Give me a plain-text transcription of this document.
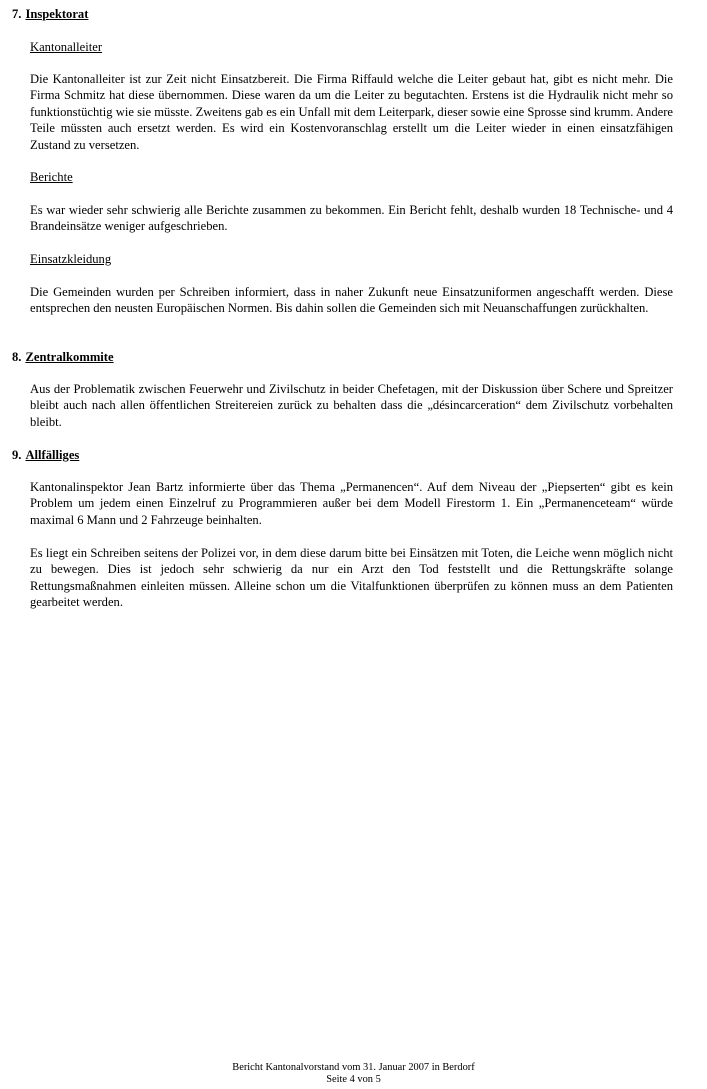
7. Inspektorat
Kantonalleiter

Die Kantonalleiter ist zur Zeit nicht Einsatzbereit. Die Firma Riffauld welche die Leiter gebaut hat, gibt es nicht mehr. Die Firma Schmitz hat diese übernommen. Diese waren da um die Leiter zu begutachten. Erstens ist die Hydraulik nicht mehr so funktionstüchtig wie sie müsste. Zweitens gab es ein Unfall mit dem Leiterpark, dieser sowie eine Sprosse sind krumm. Andere Teile müssten auch ersetzt werden. Es wird ein Kostenvoranschlag erstellt um die Leiter wieder in einen einsatzfähigen Zustand zu versetzen.

Berichte

Es war wieder sehr schwierig alle Berichte zusammen zu bekommen. Ein Bericht fehlt, deshalb wurden 18 Technische- und 4 Brandeinsätze weniger aufgeschrieben.

Einsatzkleidung

Die Gemeinden wurden per Schreiben informiert, dass in naher Zukunft neue Einsatzuniformen angeschafft werden. Diese entsprechen den neusten Europäischen Normen. Bis dahin sollen die Gemeinden sich mit Neuanschaffungen zurückhalten.

8. Zentralkommite

Aus der Problematik zwischen Feuerwehr und Zivilschutz in beider Chefetagen, mit der Diskussion über Schere und Spreitzer bleibt auch nach allen öffentlichen Streitereien zurück zu behalten dass die „désincarceration“ dem Zivilschutz vorbehalten bleibt.

9. Allfälliges

Kantonalinspektor Jean Bartz informierte über das Thema „Permanencen“. Auf dem Niveau der „Piepserten“ gibt es kein Problem um jedem einen Einzelruf zu Programmieren außer bei dem Modell Firestorm 1. Ein „Permanenceteam“ würde maximal 6 Mann und 2 Fahrzeuge beinhalten.

Es liegt ein Schreiben seitens der Polizei vor, in dem diese darum bitte bei Einsätzen mit Toten, die Leiche wenn möglich nicht zu bewegen. Dies ist jedoch sehr schwierig da nur ein Arzt den Tod feststellt und die Rettungskräfte solange Rettungsmaßnahmen einleiten müssen. Alleine schon um die Vitalfunktionen überprüfen zu können muss an dem Patienten gearbeitet werden.

Bericht Kantonalvorstand vom 31. Januar 2007 in Berdorf
Seite 4 von 5
